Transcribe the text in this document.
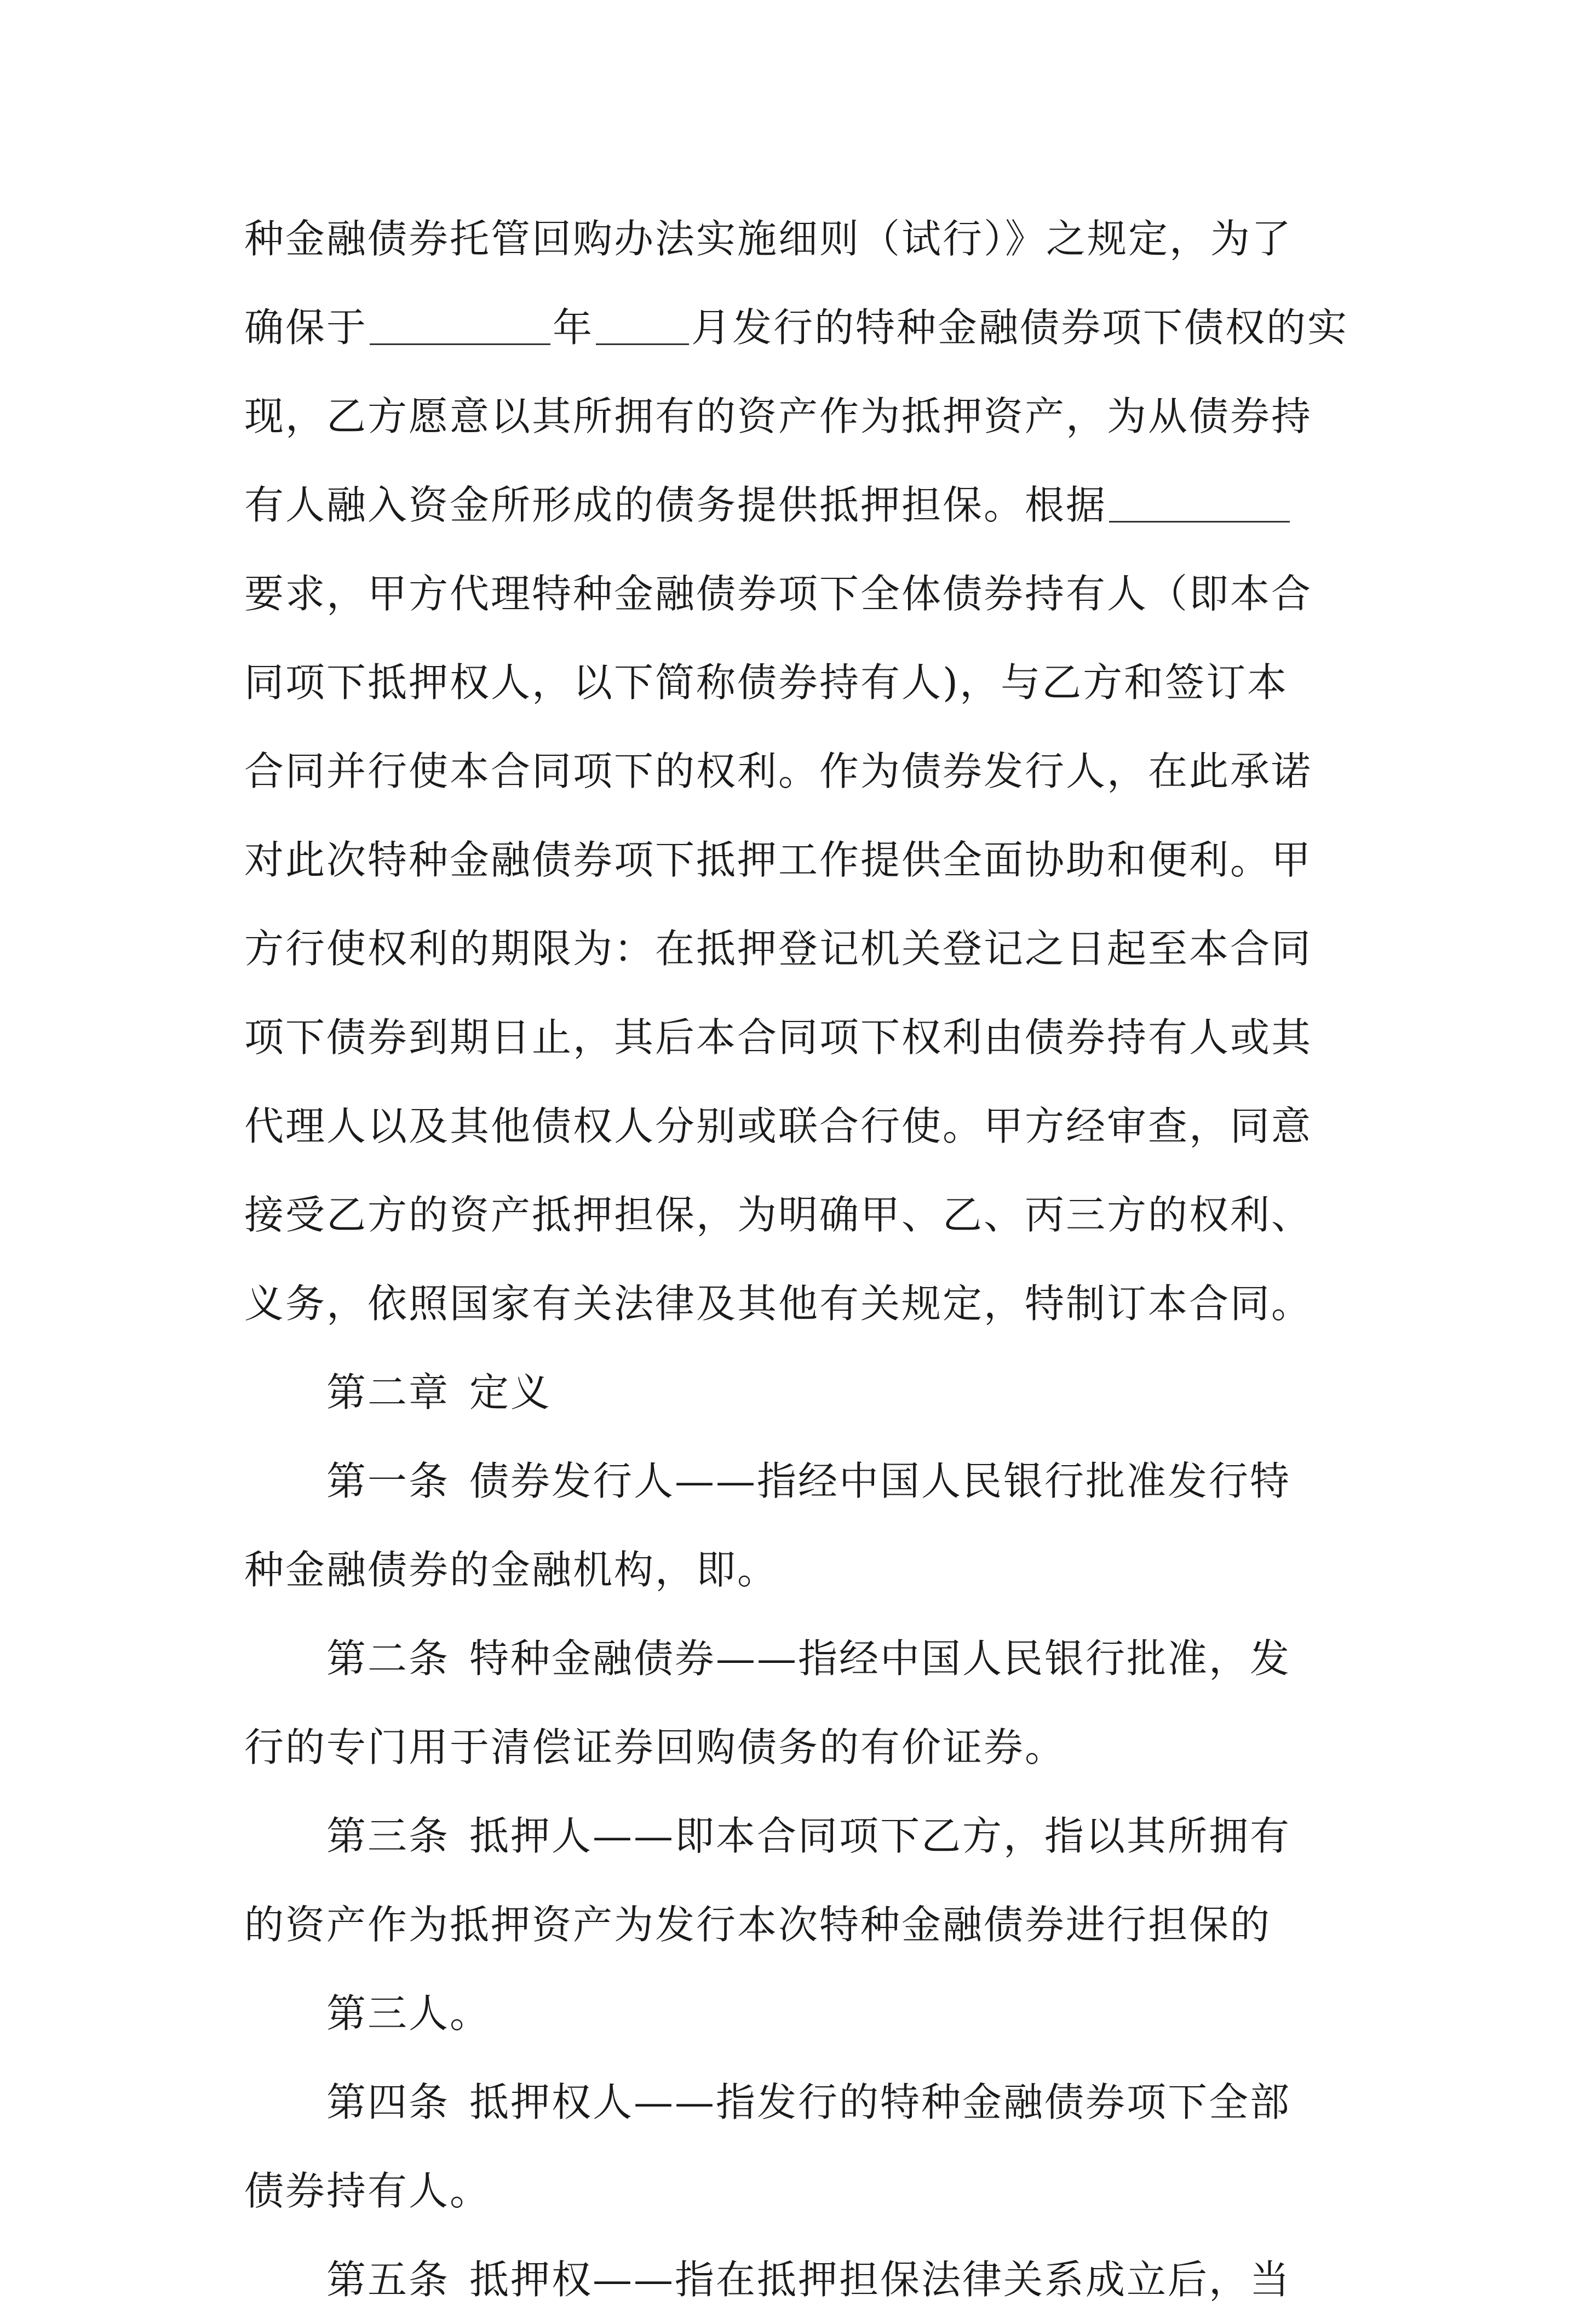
种金融债券托管回购办法实施细则（试行）》之规定，为了
确保于	年 月发行的特种金融债券项下债权的实
现，乙方愿意以其所拥有的资产作为抵押资产，为从债券持
有人融入资金所形成的债务提供抵押担保。根据
要求，甲方代理特种金融债券项下全体债券持有人（即本合
同项下抵押权人，以下简称债券持有人)，与乙方和签订本
合同并行使本合同项下的权利。作为债券发行人，在此承诺
对此次特种金融债券项下抵押工作提供全面协助和便利。甲
方行使权利的期限为：在抵押登记机关登记之日起至本合同
项下债券到期日止，其后本合同项下权利由债券持有人或其
代理人以及其他债权人分别或联合行使。甲方经审查，同意
接受乙方的资产抵押担保，为明确甲、乙、丙三方的权利、
义务，依照国家有关法律及其他有关规定，特制订本合同。
第二章 定义
第一条 债券发行人——指经中国人民银行批准发行特
种金融债券的金融机构，即。
第二条 特种金融债券——指经中国人民银行批准，发
行的专门用于清偿证券回购债务的有价证券。
第三条 抵押人——即本合同项下乙方，指以其所拥有
的资产作为抵押资产为发行本次特种金融债券进行担保的
第三人。
第四条 抵押权人——指发行的特种金融债券项下全部
债券持有人。
第五条 抵押权——指在抵押担保法律关系成立后，当
